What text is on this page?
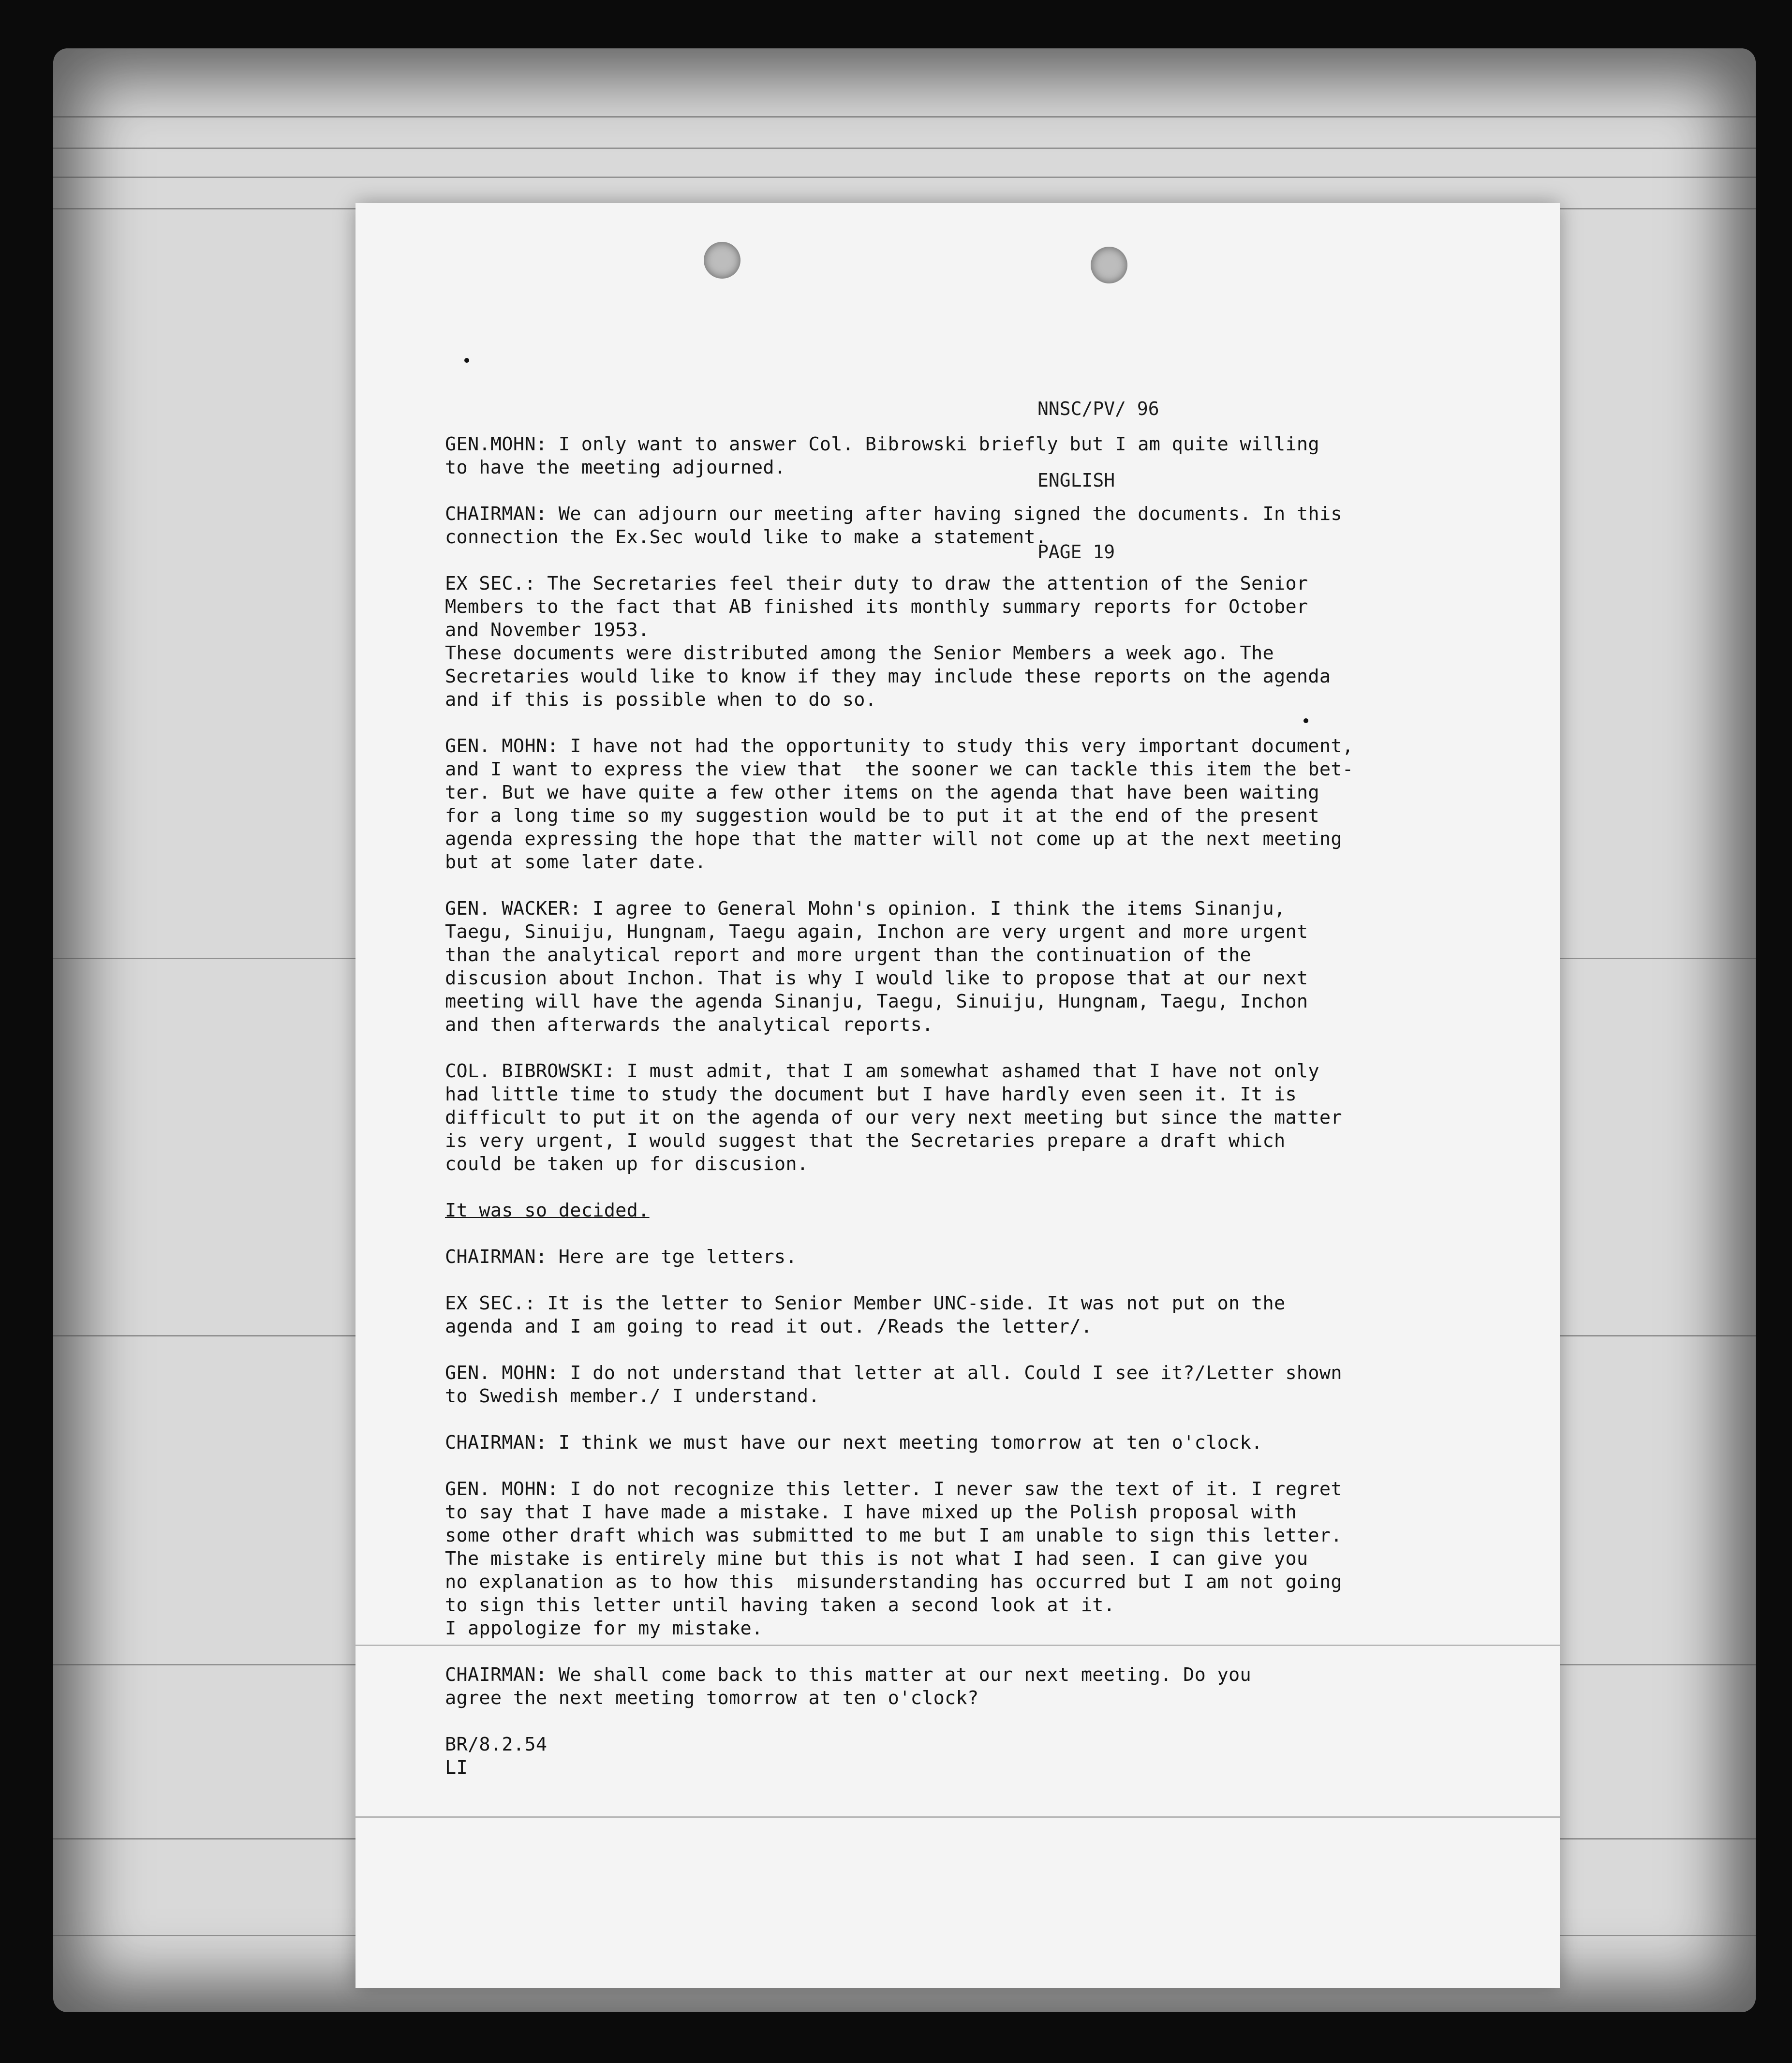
NNSC/PV/ 96

ENGLISH

PAGE 19

GEN.MOHN: I only want to answer Col. Bibrowski briefly but I am quite willing
to have the meeting adjourned.
CHAIRMAN: We can adjourn our meeting after having signed the documents. In this
connection the Ex.Sec would like to make a statement.
EX SEC.: The Secretaries feel their duty to draw the attention of the Senior
Members to the fact that AB finished its monthly summary reports for October
and November 1953.
These documents were distributed among the Senior Members a week ago. The
Secretaries would like to know if they may include these reports on the agenda
and if this is possible when to do so.
GEN. MOHN: I have not had the opportunity to study this very important document,
and I want to express the view that  the sooner we can tackle this item the bet-
ter. But we have quite a few other items on the agenda that have been waiting
for a long time so my suggestion would be to put it at the end of the present
agenda expressing the hope that the matter will not come up at the next meeting
but at some later date.
GEN. WACKER: I agree to General Mohn's opinion. I think the items Sinanju,
Taegu, Sinuiju, Hungnam, Taegu again, Inchon are very urgent and more urgent
than the analytical report and more urgent than the continuation of the
discusion about Inchon. That is why I would like to propose that at our next
meeting will have the agenda Sinanju, Taegu, Sinuiju, Hungnam, Taegu, Inchon
and then afterwards the analytical reports.
COL. BIBROWSKI: I must admit, that I am somewhat ashamed that I have not only
had little time to study the document but I have hardly even seen it. It is
difficult to put it on the agenda of our very next meeting but since the matter
is very urgent, I would suggest that the Secretaries prepare a draft which
could be taken up for discusion.
It was so decided.
CHAIRMAN: Here are tge letters.
EX SEC.: It is the letter to Senior Member UNC-side. It was not put on the
agenda and I am going to read it out. /Reads the letter/.
GEN. MOHN: I do not understand that letter at all. Could I see it?/Letter shown
to Swedish member./ I understand.
CHAIRMAN: I think we must have our next meeting tomorrow at ten o'clock.
GEN. MOHN: I do not recognize this letter. I never saw the text of it. I regret
to say that I have made a mistake. I have mixed up the Polish proposal with
some other draft which was submitted to me but I am unable to sign this letter.
The mistake is entirely mine but this is not what I had seen. I can give you
no explanation as to how this  misunderstanding has occurred but I am not going
to sign this letter until having taken a second look at it.
I appologize for my mistake.
CHAIRMAN: We shall come back to this matter at our next meeting. Do you
agree the next meeting tomorrow at ten o'clock?
BR/8.2.54
LI
